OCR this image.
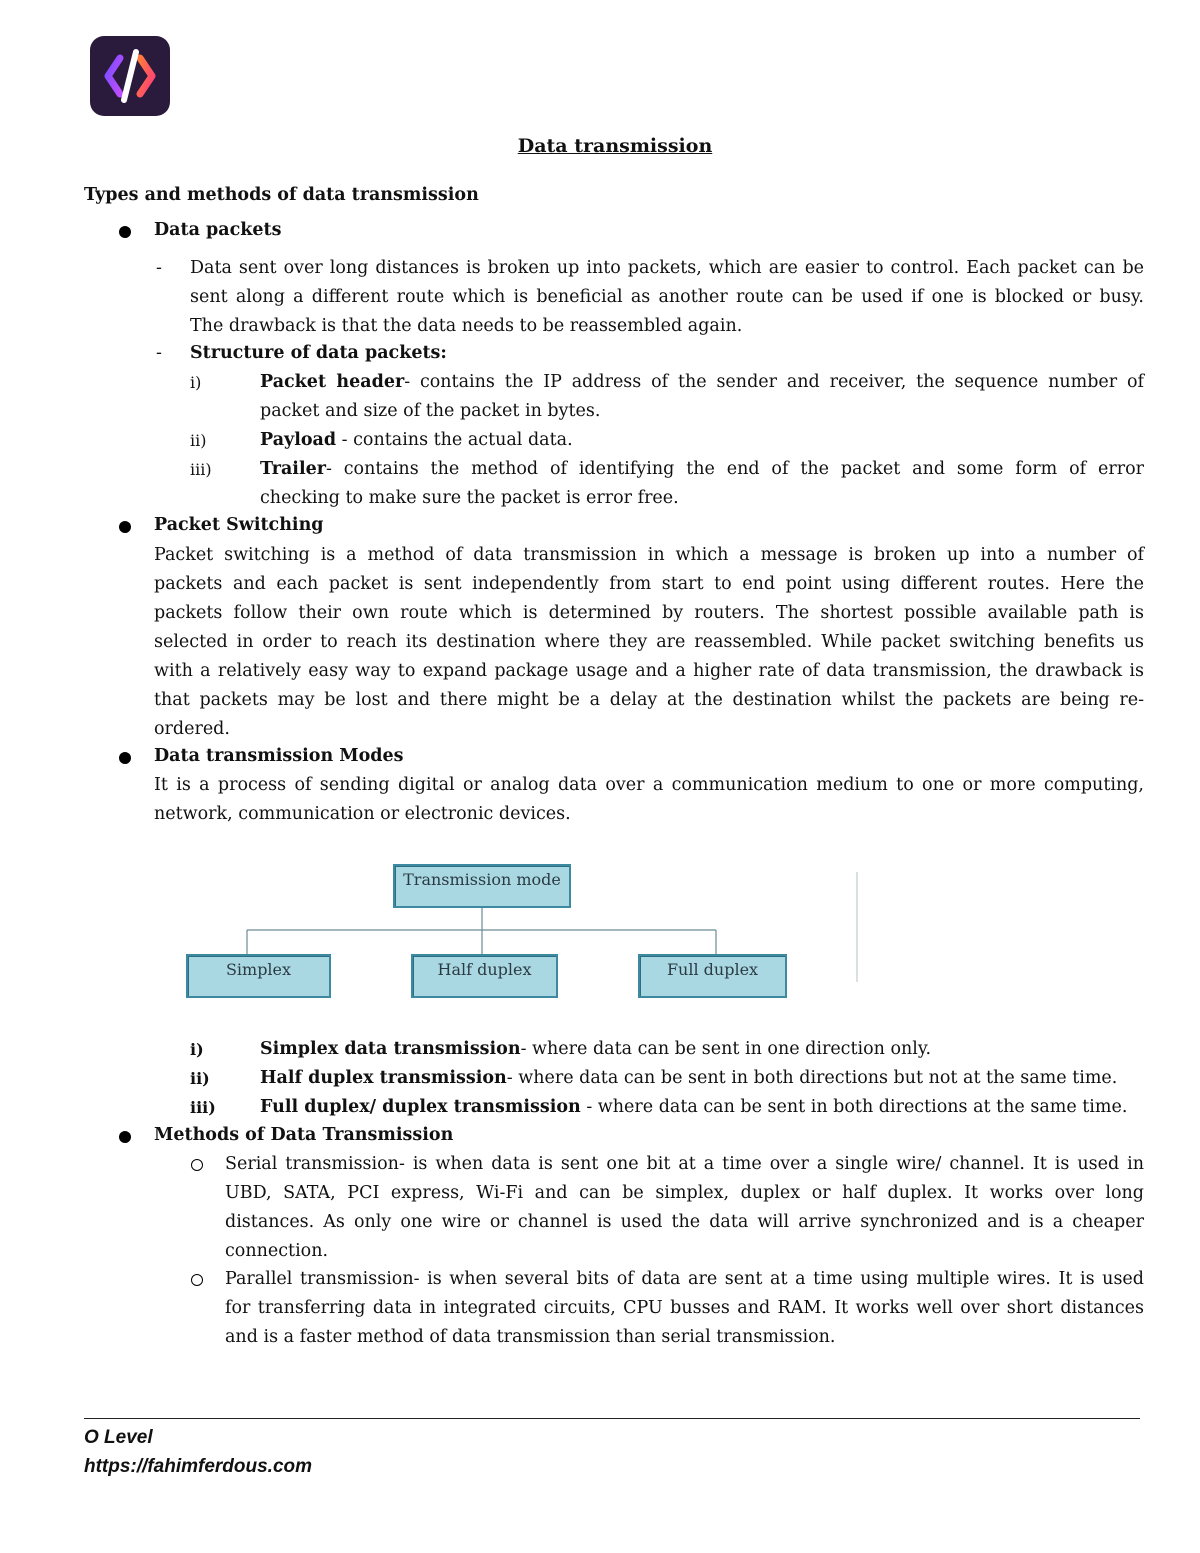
Data transmission
Types and methods of data transmission
Data packets
- Data sent over long distances is broken up into packets, which are easier to control. Each packet can be
sent along a different route which is beneficial as another route can be used if one is blocked or busy.
The drawback is that the data needs to be reassembled again.
- Structure of data packets:
i)	Packet header- contains the IP address of the sender and receiver, the sequence number of
packet and size of the packet in bytes.
ii)	Payload - contains the actual data.
iii)	Trailer- contains the method of identifying the end of the packet and some form of error
checking to make sure the packet is error free.
Packet Switching
Packet switching is a method of data transmission in which a message is broken up into a number of
packets and each packet is sent independently from start to end point using different routes. Here the
packets follow their own route which is determined by routers. The shortest possible available path is
selected in order to reach its destination where they are reassembled. While packet switching benefits us
with a relatively easy way to expand package usage and a higher rate of data transmission, the drawback is
that packets may be lost and there might be a delay at the destination whilst the packets are being re-
ordered.
Data transmission Modes
It is a process of sending digital or analog data over a communication medium to one or more computing,
network, communication or electronic devices.
Transmission mode
Simplex	Half duplex	Full duplex
i)	Simplex data transmission- where data can be sent in one direction only.
ii)	Half duplex transmission- where data can be sent in both directions but not at the same time.
iii)	Full duplex/ duplex transmission - where data can be sent in both directions at the same time.
Methods of Data Transmission
Serial transmission- is when data is sent one bit at a time over a single wire/ channel. It is used in
UBD, SATA, PCI express, Wi-Fi and can be simplex, duplex or half duplex. It works over long
distances. As only one wire or channel is used the data will arrive synchronized and is a cheaper
connection.
Parallel transmission- is when several bits of data are sent at a time using multiple wires. It is used
for transferring data in integrated circuits, CPU busses and RAM. It works well over short distances
and is a faster method of data transmission than serial transmission.
O Level
https://fahimferdous.com
